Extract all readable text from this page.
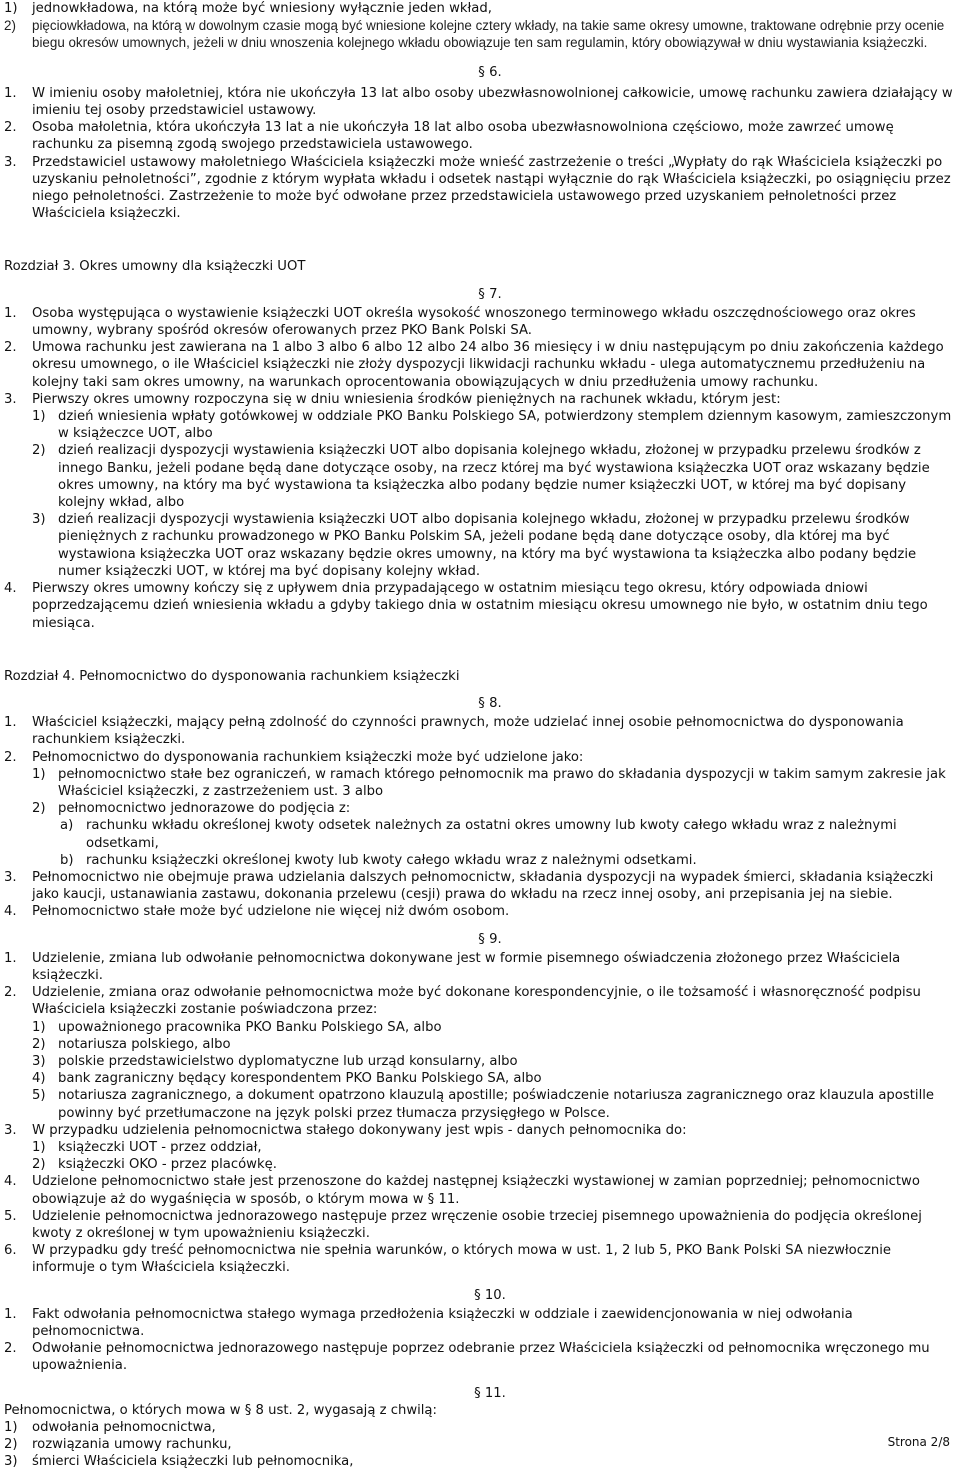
1)	jednowkładowa, na którą może być wniesiony wyłącznie jeden wkład,
2)	pięciowkładowa, na którą w dowolnym czasie mogą być wniesione kolejne cztery wkłady, na takie same okresy umowne, traktowane odrębnie przy ocenie biegu okresów umownych, jeżeli w dniu wnoszenia kolejnego wkładu obowiązuje ten sam regulamin, który obowiązywał w dniu wystawiania książeczki.
§ 6.
1.	W imieniu osoby małoletniej, która nie ukończyła 13 lat albo osoby ubezwłasnowolnionej całkowicie, umowę rachunku zawiera działający w imieniu tej osoby przedstawiciel ustawowy.
2.	Osoba małoletnia, która ukończyła 13 lat a nie ukończyła 18 lat albo osoba ubezwłasnowolniona częściowo, może zawrzeć umowę rachunku za pisemną zgodą swojego przedstawiciela ustawowego.
3.	Przedstawiciel ustawowy małoletniego Właściciela książeczki może wnieść zastrzeżenie o treści „Wypłaty do rąk Właściciela książeczki po uzyskaniu pełnoletności”, zgodnie z którym wypłata wkładu i odsetek nastąpi wyłącznie do rąk Właściciela książeczki, po osiągnięciu przez niego pełnoletności. Zastrzeżenie to może być odwołane przez przedstawiciela ustawowego przed uzyskaniem pełnoletności przez Właściciela książeczki.
Rozdział 3. Okres umowny dla książeczki UOT
§ 7.
1.	Osoba występująca o wystawienie książeczki UOT określa wysokość wnoszonego terminowego wkładu oszczędnościowego oraz okres umowny, wybrany spośród okresów oferowanych przez PKO Bank Polski SA.
2.	Umowa rachunku jest zawierana na 1 albo 3 albo 6 albo 12 albo 24 albo 36 miesięcy i w dniu następującym po dniu zakończenia każdego okresu umownego, o ile Właściciel książeczki nie złoży dyspozycji likwidacji rachunku wkładu - ulega automatycznemu przedłużeniu na kolejny taki sam okres umowny, na warunkach oprocentowania obowiązujących w dniu przedłużenia umowy rachunku.
3.	Pierwszy okres umowny rozpoczyna się w dniu wniesienia środków pieniężnych na rachunek wkładu, którym jest:
1) dzień wniesienia wpłaty gotówkowej w oddziale PKO Banku Polskiego SA, potwierdzony stemplem dziennym kasowym, zamieszczonym w książeczce UOT, albo
2) dzień realizacji dyspozycji wystawienia książeczki UOT albo dopisania kolejnego wkładu, złożonej w przypadku przelewu środków z innego Banku, jeżeli podane będą dane dotyczące osoby, na rzecz której ma być wystawiona książeczka UOT oraz wskazany będzie okres umowny, na który ma być wystawiona ta książeczka albo podany będzie numer książeczki UOT, w której ma być dopisany kolejny wkład, albo
3) dzień realizacji dyspozycji wystawienia książeczki UOT albo dopisania kolejnego wkładu, złożonej w przypadku przelewu środków pieniężnych z rachunku prowadzonego w PKO Banku Polskim SA, jeżeli podane będą dane dotyczące osoby, dla której ma być wystawiona książeczka UOT oraz wskazany będzie okres umowny, na który ma być wystawiona ta książeczka albo podany będzie numer książeczki UOT, w której ma być dopisany kolejny wkład.
4.	Pierwszy okres umowny kończy się z upływem dnia przypadającego w ostatnim miesiącu tego okresu, który odpowiada dniowi poprzedzającemu dzień wniesienia wkładu a gdyby takiego dnia w ostatnim miesiącu okresu umownego nie było, w ostatnim dniu tego miesiąca.
Rozdział 4. Pełnomocnictwo do dysponowania rachunkiem książeczki
§ 8.
1.	Właściciel książeczki, mający pełną zdolność do czynności prawnych, może udzielać innej osobie pełnomocnictwa do dysponowania rachunkiem książeczki.
2.	Pełnomocnictwo do dysponowania rachunkiem książeczki może być udzielone jako:
1) pełnomocnictwo stałe bez ograniczeń, w ramach którego pełnomocnik ma prawo do składania dyspozycji w takim samym zakresie jak Właściciel książeczki, z zastrzeżeniem ust. 3 albo
2) pełnomocnictwo jednorazowe do podjęcia z:
a) rachunku wkładu określonej kwoty odsetek należnych za ostatni okres umowny lub kwoty całego wkładu wraz z należnymi odsetkami,
b) rachunku książeczki określonej kwoty lub kwoty całego wkładu wraz z należnymi odsetkami.
3.	Pełnomocnictwo nie obejmuje prawa udzielania dalszych pełnomocnictw, składania dyspozycji na wypadek śmierci, składania książeczki jako kaucji, ustanawiania zastawu, dokonania przelewu (cesji) prawa do wkładu na rzecz innej osoby, ani przepisania jej na siebie.
4.	Pełnomocnictwo stałe może być udzielone nie więcej niż dwóm osobom.
§ 9.
1.	Udzielenie, zmiana lub odwołanie pełnomocnictwa dokonywane jest w formie pisemnego oświadczenia złożonego przez Właściciela książeczki.
2.	Udzielenie, zmiana oraz odwołanie pełnomocnictwa może być dokonane korespondencyjnie, o ile tożsamość i własnoręczność podpisu Właściciela książeczki zostanie poświadczona przez:
1) upoważnionego pracownika PKO Banku Polskiego SA, albo
2) notariusza polskiego, albo
3) polskie przedstawicielstwo dyplomatyczne lub urząd konsularny, albo
4) bank zagraniczny będący korespondentem PKO Banku Polskiego SA, albo
5) notariusza zagranicznego, a dokument opatrzono klauzulą apostille; poświadczenie notariusza zagranicznego oraz klauzula apostille powinny być przetłumaczone na język polski przez tłumacza przysięgłego w Polsce.
3.	W przypadku udzielenia pełnomocnictwa stałego dokonywany jest wpis - danych pełnomocnika do:
1) książeczki UOT - przez oddział,
2) książeczki OKO - przez placówkę.
4.	Udzielone pełnomocnictwo stałe jest przenoszone do każdej następnej książeczki wystawionej w zamian poprzedniej; pełnomocnictwo obowiązuje aż do wygaśnięcia w sposób, o którym mowa w § 11.
5.	Udzielenie pełnomocnictwa jednorazowego następuje przez wręczenie osobie trzeciej pisemnego upoważnienia do podjęcia określonej kwoty z określonej w tym upoważnieniu książeczki.
6.	W przypadku gdy treść pełnomocnictwa nie spełnia warunków, o których mowa w ust. 1, 2 lub 5, PKO Bank Polski SA niezwłocznie informuje o tym Właściciela książeczki.
§ 10.
1.	Fakt odwołania pełnomocnictwa stałego wymaga przedłożenia książeczki w oddziale i zaewidencjonowania w niej odwołania pełnomocnictwa.
2.	Odwołanie pełnomocnictwa jednorazowego następuje poprzez odebranie przez Właściciela książeczki od pełnomocnika wręczonego mu upoważnienia.
§ 11.
Pełnomocnictwa, o których mowa w § 8 ust. 2, wygasają z chwilą:
1)	odwołania pełnomocnictwa,
2)	rozwiązania umowy rachunku,
3)	śmierci Właściciela książeczki lub pełnomocnika,
Strona 2/8
